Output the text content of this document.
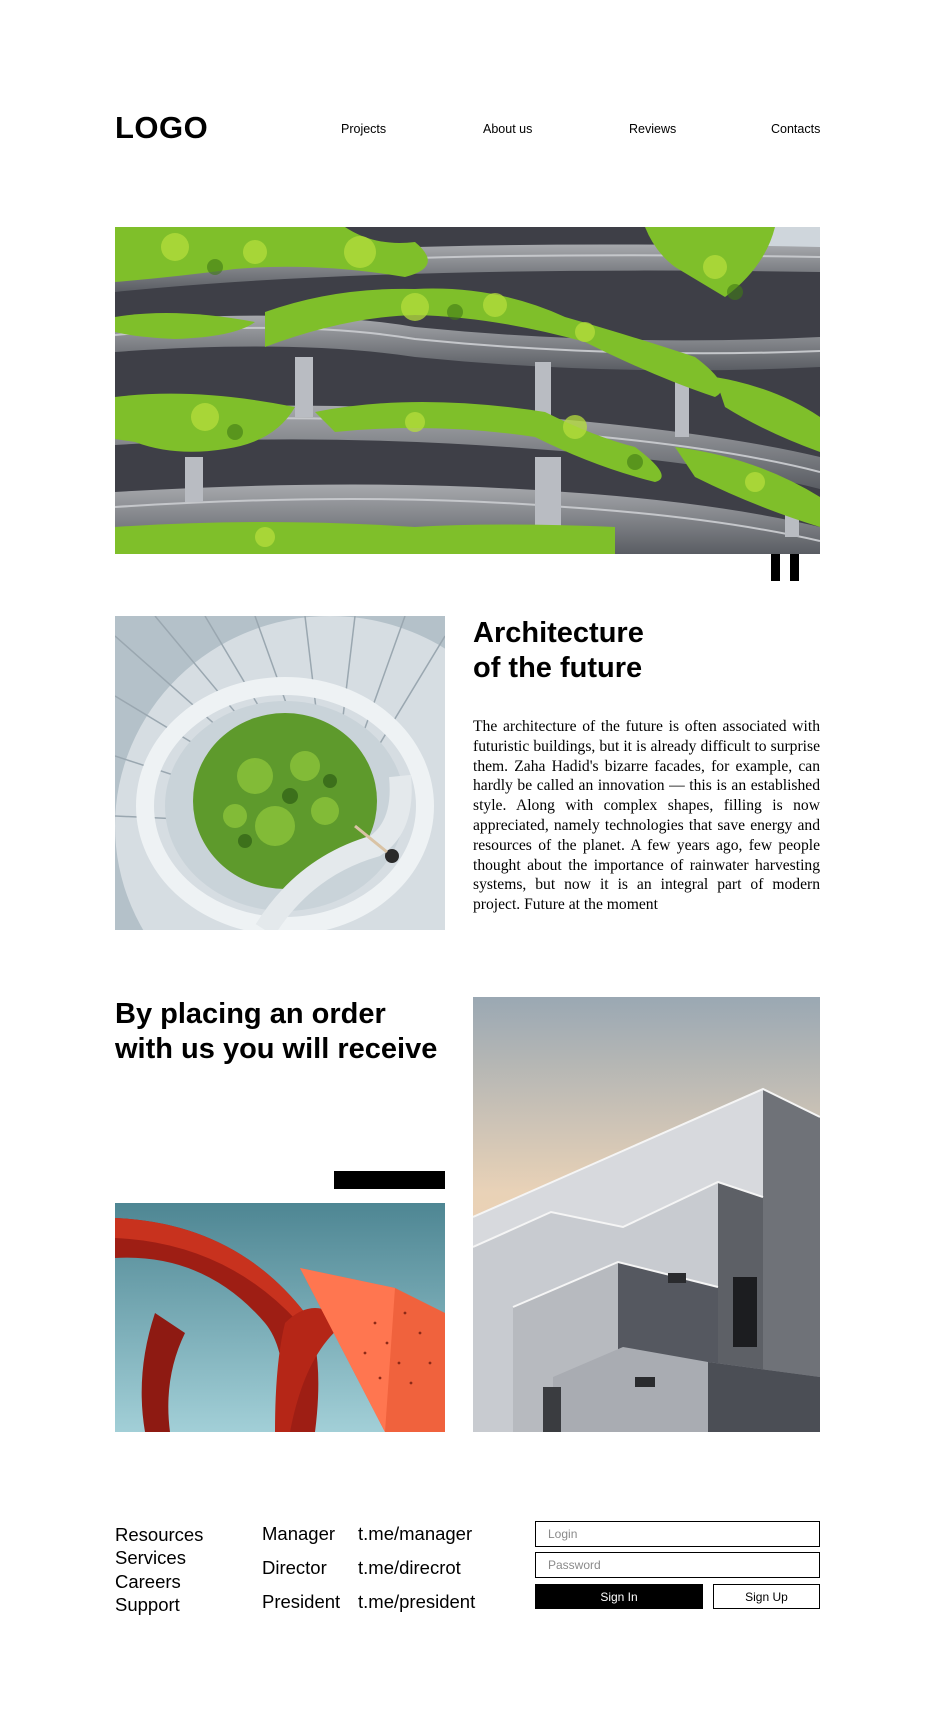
LOGO	Projects	About us	Reviews	Contacts
Architecture
of the future

The architecture of the future is often associated with futuristic buildings, but it is already difficult to surprise them. Zaha Hadid's bizarre facades, for example, can hardly be called an innovation — this is an established style. Along with complex shapes, filling is now appreciated, namely technologies that save energy and resources of the planet. A few years ago, few people thought about the importance of rainwater harvesting systems, but now it is an integral part of modern project. Future at the moment

By placing an order
with us you will receive
Resources
Services
Careers
Support
Manager t.me/manager
Director t.me/direcrot
President t.me/president
Login	Sign In	Sign Up
